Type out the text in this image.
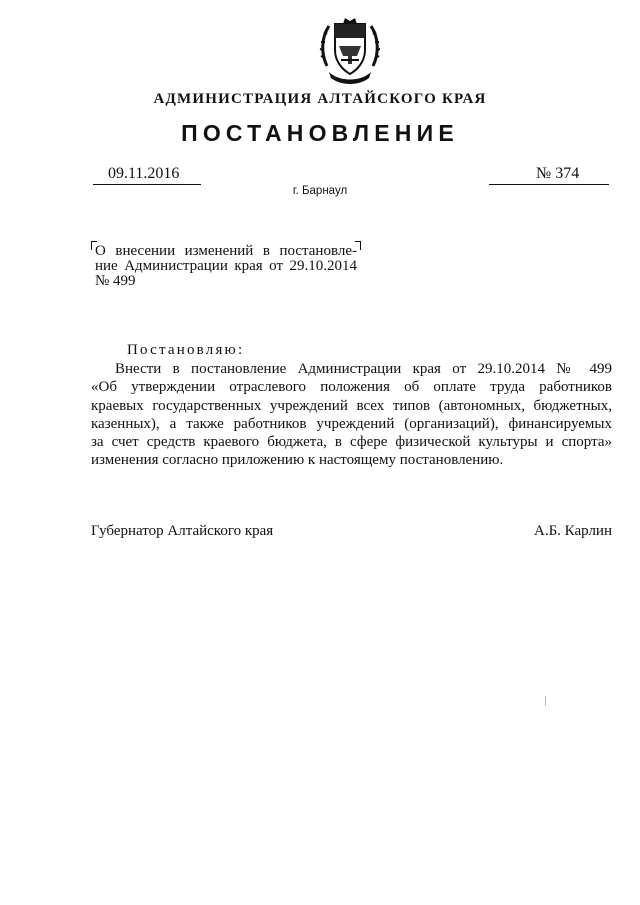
АДМИНИСТРАЦИЯ АЛТАЙСКОГО КРАЯ
ПОСТАНОВЛЕНИЕ
09.11.2016	№ 374
г. Барнаул
О внесении изменений в постановле-
ние Администрации края от 29.10.2014
№ 499
Постановляю:
Внести в постановление Администрации края от 29.10.2014 № 499
«Об утверждении отраслевого положения об оплате труда работников
краевых государственных учреждений всех типов (автономных, бюджетных,
казенных), а также работников учреждений (организаций), финансируемых
за счет средств краевого бюджета, в сфере физической культуры и спорта»
изменения согласно приложению к настоящему постановлению.
Губернатор Алтайского края	А.Б. Карлин
